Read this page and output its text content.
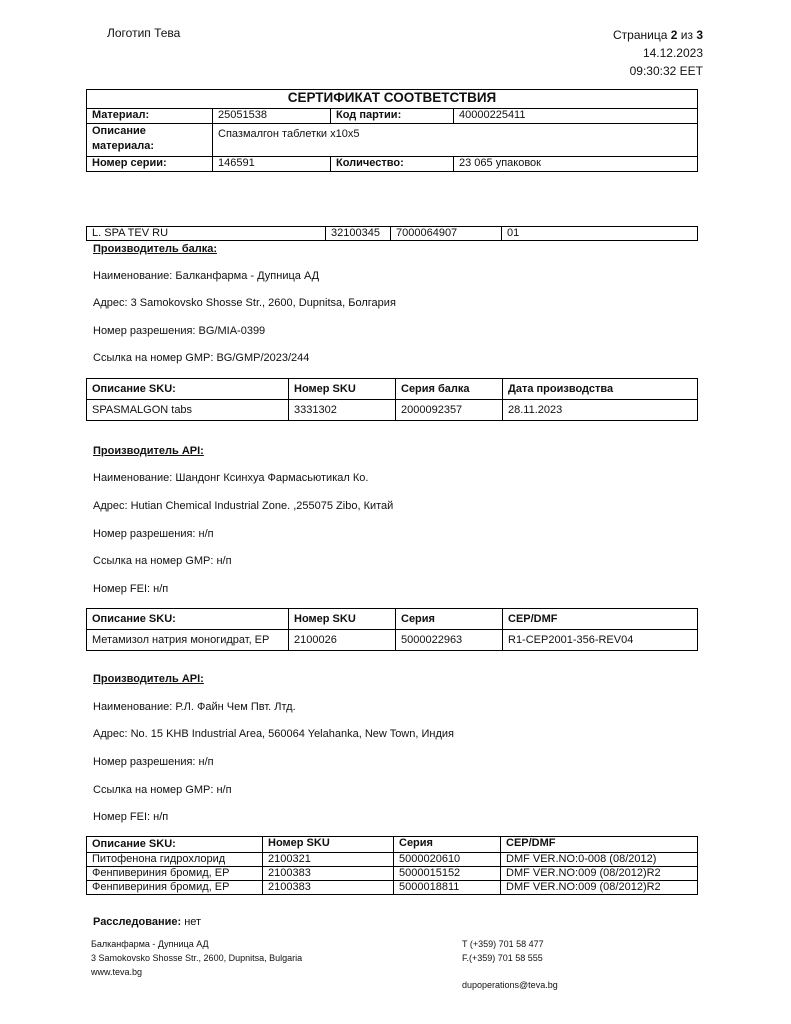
Логотип Тева	Страница 2 из 3
14.12.2023
09:30:32 EET
СЕРТИФИКАТ СООТВЕТСТВИЯ			
Материал:	25051538	Код партии:	40000225411

Описание
материала:	Спазмалгон таблетки x10x5		
Номер серии:	146591	Количество:	23 065 упаковок
L. SPA TEV RU	32100345	7000064907	01
Производитель балка:
Наименование: Балканфарма - Дупница АД
Адрес: 3 Samokovsko Shosse Str., 2600, Dupnitsa, Болгария
Номер разрешения: BG/MIA-0399
Ссылка на номер GMP: BG/GMP/2023/244
Описание SKU:	Номер SKU	Серия балка	Дата производства
SPASMALGON tabs	3331302	2000092357	28.11.2023
Производитель API:
Наименование: Шандонг Ксинхуа Фармасьютикал Ко.
Адрес: Hutian Chemical Industrial Zone. ,255075 Zibo, Китай
Номер разрешения: н/п
Ссылка на номер GMP: н/п
Номер FEI: н/п
Описание SKU:	Номер SKU	Серия	CEP/DMF
Метамизол натрия моногидрат, EP	2100026	5000022963	R1-CEP2001-356-REV04
Производитель API:
Наименование: Р.Л. Файн Чем Пвт. Лтд.
Адрес: No. 15 KHB Industrial Area, 560064 Yelahanka, New Town, Индия
Номер разрешения: н/п
Ссылка на номер GMP: н/п
Номер FEI: н/п
Описание SKU:	Номер SKU	Серия	CEP/DMF
Питофенона гидрохлорид	2100321	5000020610	DMF VER.NO:0-008 (08/2012)
Фенпивериния бромид, EP	2100383	5000015152	DMF VER.NO:009 (08/2012)R2
Фенпивериния бромид, EP	2100383	5000018811	DMF VER.NO:009 (08/2012)R2
Расследование: нет
Балканфарма - Дупница АД
3 Samokovsko Shosse Str., 2600, Dupnitsa, Bulgaria
www.teva.bg
T (+359) 701 58 477
F.(+359) 701 58 555
dupoperations@teva.bg
